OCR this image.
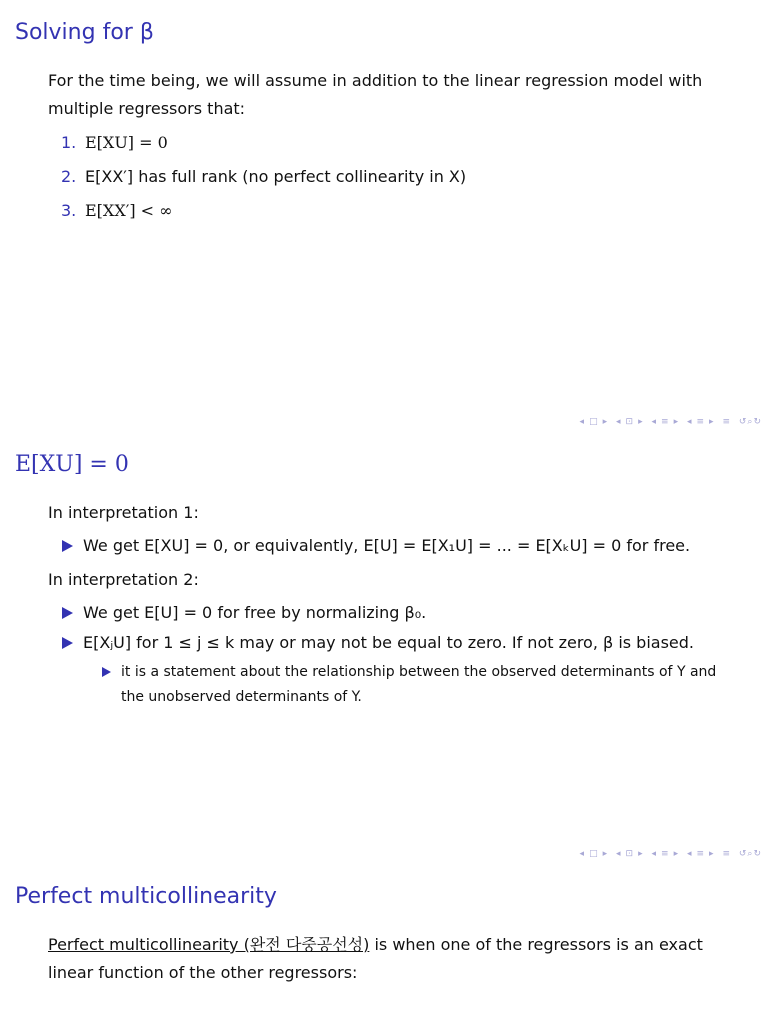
Solving for β

For the time being, we will assume in addition to the linear regression model with

multiple regressors that:

1. E[XU] = 0

2. E[XX′] has full rank (no perfect collinearity in X)

3. E[XX′] < ∞

◂ □ ▸ ◂ ⊡ ▸ ◂ ≡ ▸ ◂ ≡ ▸ ≡ ↺⌕↻
E[XU] = 0

In interpretation 1:

We get E[XU] = 0, or equivalently, E[U] = E[X₁U] = ... = E[XₖU] = 0 for free.

In interpretation 2:

We get E[U] = 0 for free by normalizing β₀.

E[XⱼU] for 1 ≤ j ≤ k may or may not be equal to zero. If not zero, β is biased.

it is a statement about the relationship between the observed determinants of Y and
the unobserved determinants of Y.

◂ □ ▸ ◂ ⊡ ▸ ◂ ≡ ▸ ◂ ≡ ▸ ≡ ↺⌕↻
Perfect multicollinearity

Perfect multicollinearity (완전 다중공선성) is when one of the regressors is an exact

linear function of the other regressors:
